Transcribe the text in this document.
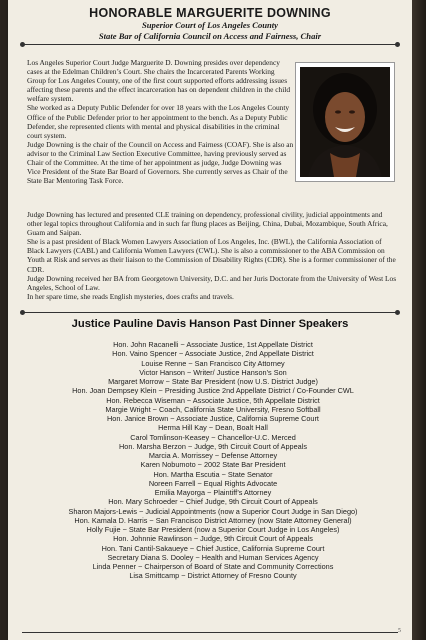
HONORABLE MARGUERITE DOWNING
Superior Court of Los Angeles County
State Bar of California Council on Access and Fairness, Chair

Los Angeles Superior Court Judge Marguerite D. Downing presides over dependency cases at the Edelman Children’s Court. She chairs the Incarcerated Parents Working Group for Los Angeles County, one of the first court supported efforts addressing issues affecting these parents and the effect incarceration has on dependent children in the child welfare system.

She worked as a Deputy Public Defender for over 18 years with the Los Angeles County Office of the Public Defender prior to her appointment to the bench. As a Deputy Public Defender, she represented clients with mental and physical disabilities in the criminal court system.

Judge Downing is the chair of the Council on Access and Fairness (COAF). She is also an advisor to the Criminal Law Section Executive Committee, having previously served as Chair of the Committee. At the time of her appointment as judge, Judge Downing was Vice President of the State Bar Board of Governors. She currently serves as Chair of the State Bar Mentoring Task Force.

Judge Downing has lectured and presented CLE training on dependency, professional civility, judicial appointments and other legal topics throughout California and in such far flung places as Beijing, China, Dubai, Mozambique, South Africa, Guam and Saipan.

She is a past president of Black Women Lawyers Association of Los Angeles, Inc. (BWL), the California Association of Black Lawyers (CABL) and California Women Lawyers (CWL). She is also a commissioner to the ABA Commission on Youth at Risk and serves as their liaison to the Commission of Disability Rights (CDR). She is a former commissioner of the CDR.

Judge Downing received her BA from Georgetown University, D.C. and her Juris Doctorate from the University of West Los Angeles, School of Law.

In her spare time, she reads English mysteries, does crafts and travels.

Justice Pauline Davis Hanson Past Dinner Speakers
Hon. John Racanelli ~ Associate Justice, 1st Appellate District
Hon. Vaino Spencer ~ Associate Justice, 2nd Appellate District
Louise Renne ~ San Francisco City Attorney
Victor Hanson ~ Writer/ Justice Hanson’s Son
Margaret Morrow ~ State Bar President (now U.S. District Judge)
Hon. Joan Dempsey Klein ~ Presiding Justice 2nd Appellate District / Co-Founder CWL
Hon. Rebecca Wiseman ~ Associate Justice, 5th Appellate District
Margie Wright ~ Coach, California State University, Fresno Softball
Hon. Janice Brown ~ Associate Justice, California Supreme Court
Herma Hill Kay ~ Dean, Boalt Hall
Carol Tomlinson-Keasey ~ Chancellor-U.C. Merced
Hon. Marsha Berzon ~ Judge, 9th Circuit Court of Appeals
Marcia A. Morrissey ~ Defense Attorney
Karen Nobumoto ~ 2002 State Bar President
Hon. Martha Escutia ~ State Senator
Noreen Farrell ~ Equal Rights Advocate
Emilia Mayorga ~ Plaintiff’s Attorney
Hon. Mary Schroeder ~ Chief Judge, 9th Circuit Court of Appeals
Sharon Majors-Lewis ~ Judicial Appointments (now a Superior Court Judge in San Diego)
Hon. Kamala D. Harris ~ San Francisco District Attorney (now State Attorney General)
Holly Fujie ~ State Bar President (now a Superior Court Judge in Los Angeles)
Hon. Johnnie Rawlinson ~ Judge, 9th Circuit Court of Appeals
Hon. Tani Cantil-Sakaueye ~ Chief Justice, California Supreme Court
Secretary Diana S. Dooley ~ Health and Human Services Agency
Linda Penner ~ Chairperson of Board of State and Community Corrections
Lisa Smittcamp ~ District Attorney of Fresno County
5
